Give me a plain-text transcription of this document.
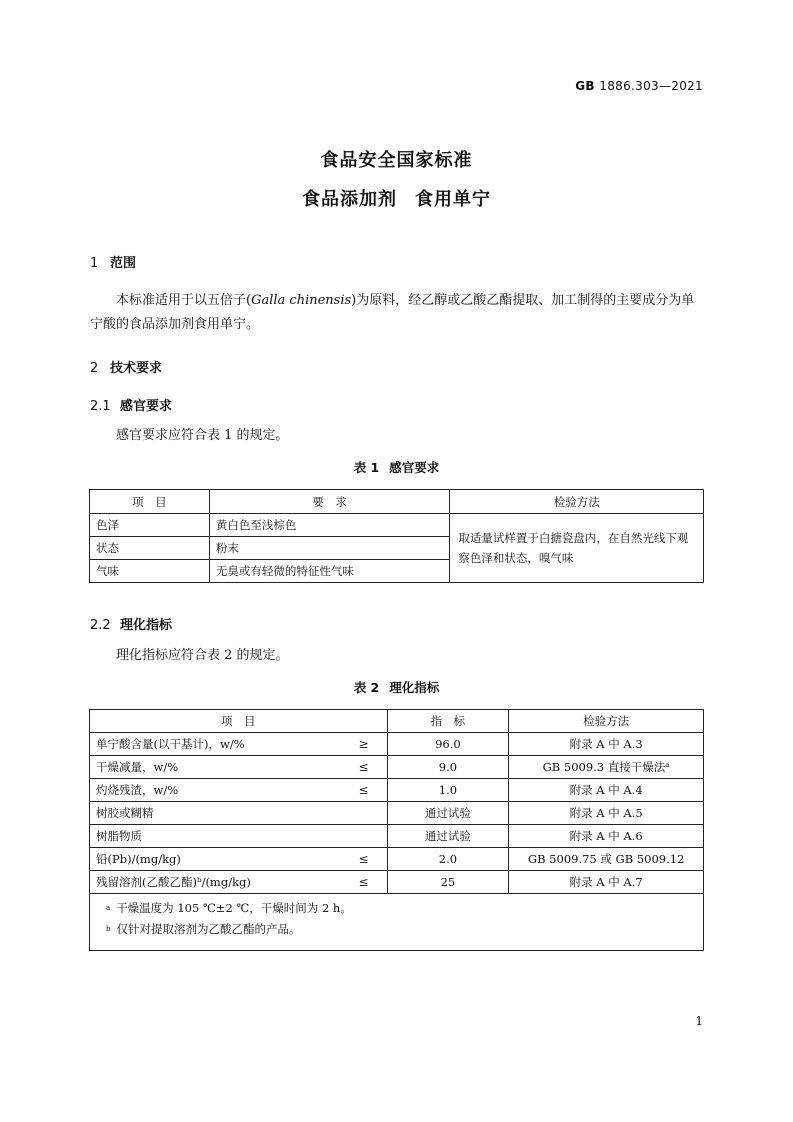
GB 1886.303—2021
食品安全国家标准
食品添加剂 食用单宁
1 范围
本标准适用于以五倍子(Galla chinensis)为原料，经乙醇或乙酸乙酯提取、加工制得的主要成分为单宁酸的食品添加剂食用单宁。
2 技术要求
2.1 感官要求
感官要求应符合表 1 的规定。
表 1 感官要求
项　目	要　求	检验方法
色泽	黄白色至浅棕色	取适量试样置于白搪瓷盘内，在自然光线下观察色泽和状态，嗅气味
状态	粉末	
气味	无臭或有轻微的特征性气味	
2.2 理化指标
理化指标应符合表 2 的规定。
表 2 理化指标
项　目	指　标	检验方法
单宁酸含量(以干基计)，w/% ≥	96.0	附录 A 中 A.3
干燥减量，w/% ≤	9.0	GB 5009.3 直接干燥法ᵃ
灼烧残渣，w/% ≤	1.0	附录 A 中 A.4
树胶或糊精	通过试验	附录 A 中 A.5
树脂物质	通过试验	附录 A 中 A.6
铅(Pb)/(mg/kg) ≤	2.0	GB 5009.75 或 GB 5009.12
残留溶剂(乙酸乙酯)ᵇ/(mg/kg) ≤	25	附录 A 中 A.7

$^a$ 干燥温度为 105 ℃±2 ℃，干燥时间为 2 h。
$^b$ 仅针对提取溶剂为乙酸乙酯的产品。		
1
